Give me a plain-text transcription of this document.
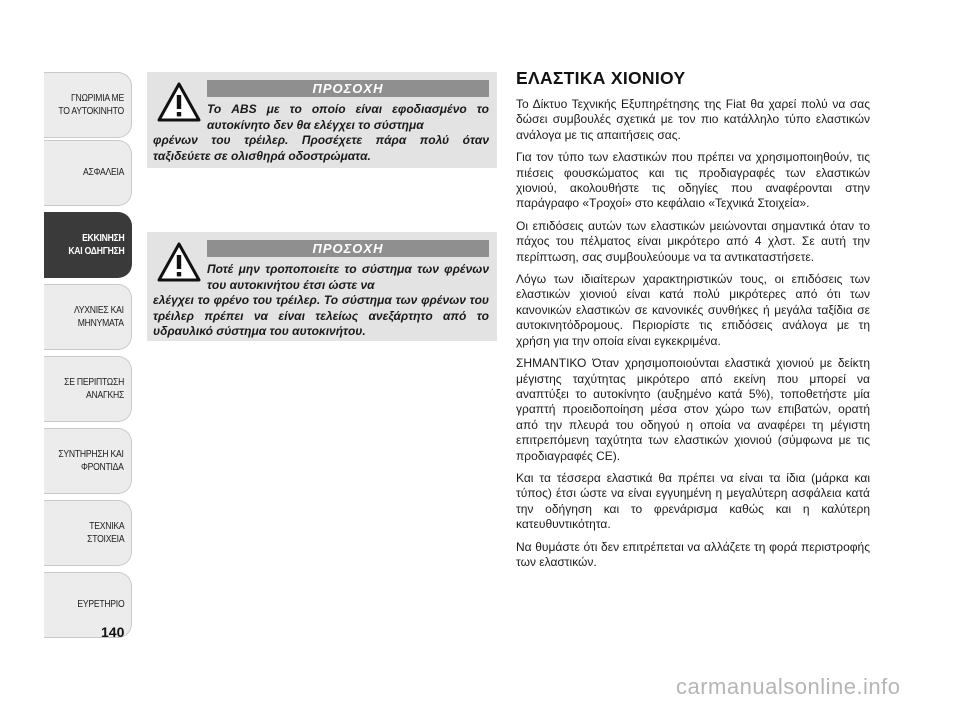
ΓΝΩΡΙΜΙΑ ΜΕ
ΤΟ ΑΥΤΟΚΙΝΗΤΟ
ΑΣΦΑΛΕΙΑ
ΕΚΚΙΝΗΣΗ
ΚΑΙ ΟΔΗΓΗΣΗ
ΛΥΧΝΙΕΣ ΚΑΙ
ΜΗΝΥΜΑΤΑ
ΣΕ ΠΕΡΙΠΤΩΣΗ
ΑΝΑΓΚΗΣ
ΣΥΝΤΗΡΗΣΗ ΚΑΙ
ΦΡΟΝΤΙΔΑ
ΤΕΧΝΙΚΑ
ΣΤΟΙΧΕΙΑ
ΕΥΡΕΤΗΡΙΟ
140
ΠΡΟΣΟΧΗ
Το ABS με το οποίο είναι εφοδιασμένο το αυτοκίνητο δεν θα ελέγχει το σύστημα
φρένων του τρέιλερ. Προσέχετε πάρα πολύ όταν ταξιδεύετε σε ολισθηρά οδοστρώματα.
ΠΡΟΣΟΧΗ
Ποτέ μην τροποποιείτε το σύστημα των φρένων του αυτοκινήτου έτσι ώστε να
ελέγχει το φρένο του τρέιλερ. Το σύστημα των φρένων του τρέιλερ πρέπει να είναι τελείως ανεξάρτητο από το υδραυλικό σύστημα του αυτοκινήτου.
ΕΛΑΣΤΙΚΑ ΧΙΟΝΙΟΥ

Το Δίκτυο Τεχνικής Εξυπηρέτησης της Fiat θα χαρεί πολύ να σας δώσει συμβουλές σχετικά με τον πιο κατάλληλο τύπο ελαστικών ανάλογα με τις απαιτήσεις σας.

Για τον τύπο των ελαστικών που πρέπει να χρησιμοποιηθούν, τις πιέσεις φουσκώματος και τις προδιαγραφές των ελαστικών χιονιού, ακολουθήστε τις οδηγίες που αναφέρονται στην παράγραφο «Τροχοί» στο κεφάλαιο «Τεχνικά Στοιχεία».

Οι επιδόσεις αυτών των ελαστικών μειώνονται σημαντικά όταν το πάχος του πέλματος είναι μικρότερο από 4 χλστ. Σε αυτή την περίπτωση, σας συμβουλεύουμε να τα αντικαταστήσετε.

Λόγω των ιδιαίτερων χαρακτηριστικών τους, οι επιδόσεις των ελαστικών χιονιού είναι κατά πολύ μικρότερες από ότι των κανονικών ελαστικών σε κανονικές συνθήκες ή μεγάλα ταξίδια σε αυτοκινητόδρομους. Περιορίστε τις επιδόσεις ανάλογα με τη χρήση για την οποία είναι εγκεκριμένα.

ΣΗΜΑΝΤΙΚΟ Όταν χρησιμοποιούνται ελαστικά χιονιού με δείκτη μέγιστης ταχύτητας μικρότερο από εκείνη που μπορεί να αναπτύξει το αυτοκίνητο (αυξημένο κατά 5%), τοποθετήστε μία γραπτή προειδοποίηση μέσα στον χώρο των επιβατών, ορατή από την πλευρά του οδηγού η οποία να αναφέρει τη μέγιστη επιτρεπόμενη ταχύτητα των ελαστικών χιονιού (σύμφωνα με τις προδιαγραφές CE).

Και τα τέσσερα ελαστικά θα πρέπει να είναι τα ίδια (μάρκα και τύπος) έτσι ώστε να είναι εγγυημένη η μεγαλύτερη ασφάλεια κατά την οδήγηση και το φρενάρισμα καθώς και η καλύτερη κατευθυντικότητα.

Να θυμάστε ότι δεν επιτρέπεται να αλλάζετε τη φορά περιστροφής των ελαστικών.

carmanualsonline.info
